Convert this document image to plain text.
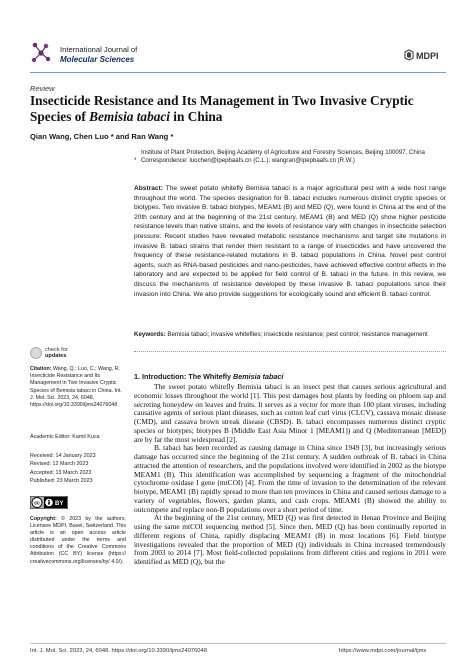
International Journal of
Molecular Sciences	MDPI
Review
Insecticide Resistance and Its Management in Two Invasive Cryptic Species of Bemisia tabaci in China
Qian Wang, Chen Luo * and Ran Wang *
Institute of Plant Protection, Beijing Academy of Agriculture and Forestry Sciences, Beijing 100097, China
* Correspondence: luochen@ipepbaafs.cn (C.L.); wangran@ipepbaafs.cn (R.W.)
Abstract: The sweet potato whitefly Bemisia tabaci is a major agricultural pest with a wide host range throughout the world. The species designation for B. tabaci includes numerous distinct cryptic species or biotypes. Two invasive B. tabaci biotypes, MEAM1 (B) and MED (Q), were found in China at the end of the 20th century and at the beginning of the 21st century. MEAM1 (B) and MED (Q) show higher pesticide resistance levels than native strains, and the levels of resistance vary with changes in insecticide selection pressure. Recent studies have revealed metabolic resistance mechanisms and target site mutations in invasive B. tabaci strains that render them resistant to a range of insecticides and have uncovered the frequency of these resistance-related mutations in B. tabaci populations in China. Novel pest control agents, such as RNA-based pesticides and nano-pesticides, have achieved effective control effects in the laboratory and are expected to be applied for field control of B. tabaci in the future. In this review, we discuss the mechanisms of resistance developed by these invasive B. tabaci populations since their invasion into China. We also provide suggestions for ecologically sound and efficient B. tabaci control.
Keywords: Bemisia tabaci; invasive whiteflies; insecticide resistance; pest control; resistance management
check for
updates
Citation: Wang, Q.; Luo, C.; Wang, R. Insecticide Resistance and Its Management in Two Invasive Cryptic Species of Bemisia tabaci in China. Int. J. Mol. Sci. 2023, 24, 6048. https://doi.org/10.3390/ijms24076048
Academic Editor: Kamil Kuca
Received: 14 January 2023
Revised: 12 March 2023
Accepted: 13 March 2023
Published: 23 March 2023
cc	BY
Copyright: © 2023 by the authors. Licensee MDPI, Basel, Switzerland. This article is an open access article distributed under the terms and conditions of the Creative Commons Attribution (CC BY) license (https:// creativecommons.org/licenses/by/ 4.0/).
1. Introduction: The Whitefly Bemisia tabaci

The sweet potato whitefly Bemisia tabaci is an insect pest that causes serious agricultural and economic losses throughout the world [1]. This pest damages host plants by feeding on phloem sap and secreting honeydew on leaves and fruits. It serves as a vector for more than 100 plant viruses, including causative agents of serious plant diseases, such as cotton leaf curl virus (CLCV), cassava mosaic disease (CMD), and cassava brown streak disease (CBSD). B. tabaci encompasses numerous distinct cryptic species or biotypes; biotypes B (Middle East Asia Minor 1 [MEAM1]) and Q (Mediterranean [MED]) are by far the most widespread [2].

B. tabaci has been recorded as causing damage in China since 1949 [3], but increasingly serious damage has occurred since the beginning of the 21st century. A sudden outbreak of B. tabaci in China attracted the attention of researchers, and the populations involved were identified in 2002 as the biotype MEAM1 (B). This identification was accomplished by sequencing a fragment of the mitochondrial cytochrome oxidase I gene (mtCOI) [4]. From the time of invasion to the determination of the relevant biotype, MEAM1 (B) rapidly spread to more than ten provinces in China and caused serious damage to a variety of vegetables, flowers, garden plants, and cash crops. MEAM1 (B) showed the ability to outcompete and replace non-B populations over a short period of time.

At the beginning of the 21st century, MED (Q) was first detected in Henan Province and Beijing using the same mtCOI sequencing method [5]. Since then, MED (Q) has been continually reported in different regions of China, rapidly displacing MEAM1 (B) in most locations [6]. Field biotype investigations revealed that the proportion of MED (Q) individuals in China increased tremendously from 2003 to 2014 [7]. Most field-collected populations from different cities and regions in 2011 were identified as MED (Q), but the

Int. J. Mol. Sci. 2023, 24, 6048. https://doi.org/10.3390/ijms24076048	https://www.mdpi.com/journal/ijms
